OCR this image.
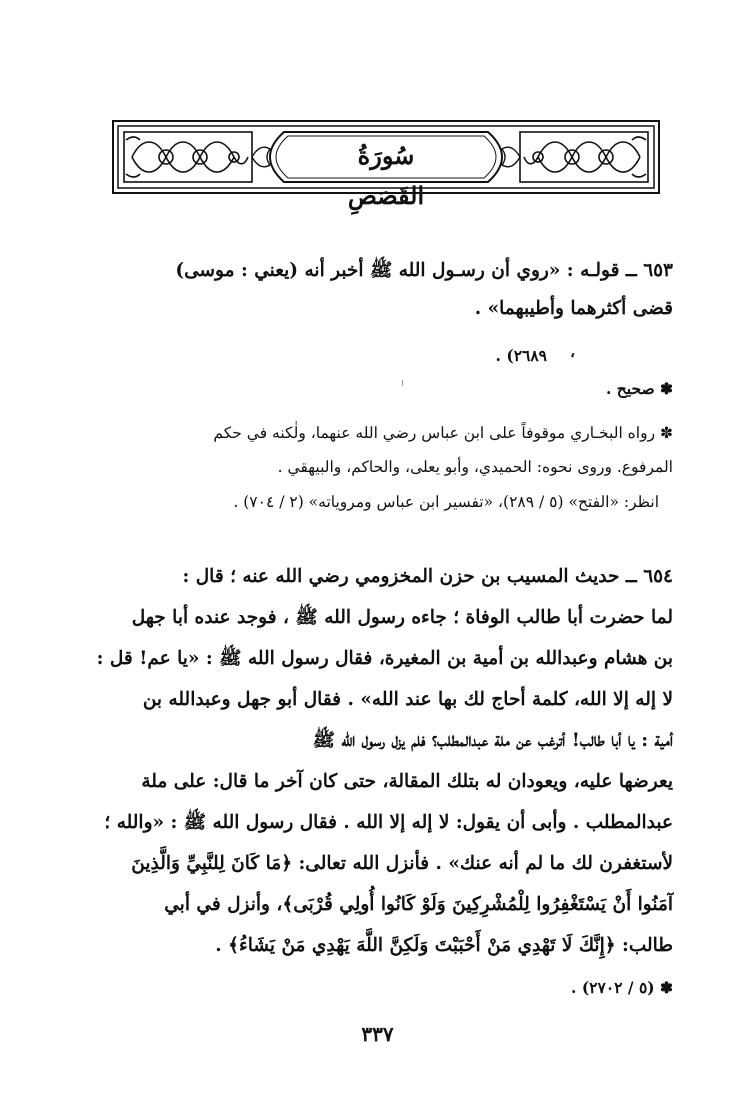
سُورَةُ القَصَصِ
٦٥٣ ــ قولـه : «روي أن رسـول الله ﷺ أخبر أنه (يعني : موسى)
قضى أكثرهما وأطيبهما» .
٢٦٨٩) . ،
✽ صحيح .
✽ رواه البخـاري موقوفاً على ابن عباس رضي الله عنهما، ولٰكنه في حكم
المرفوع. وروى نحوه: الحميدي، وأبو يعلى، والحاكم، والبيهقي .
انظر: «الفتح» (٥ / ٢٨٩)، «تفسير ابن عباس ومروياته» (٢ / ٧٠٤) .
٦٥٤ ــ حديث المسيب بن حزن المخزومي رضي الله عنه ؛ قال :
لما حضرت أبا طالب الوفاة ؛ جاءه رسول الله ﷺ ، فوجد عنده أبا جهل
بن هشام وعبدالله بن أمية بن المغيرة، فقال رسول الله ﷺ : «يا عم! قل :
لا إله إلا الله، كلمة أحاج لك بها عند الله» . فقال أبو جهل وعبدالله بن
أمية : يا أبا طالب! أترغب عن ملة عبدالمطلب؟ فلم يزل رسول الله ﷺ
يعرضها عليه، ويعودان له بتلك المقالة، حتى كان آخر ما قال: على ملة
عبدالمطلب . وأبى أن يقول: لا إله إلا الله . فقال رسول الله ﷺ : «والله ؛
لأستغفرن لك ما لم أنه عنك» . فأنزل الله تعالى: ﴿مَا كَانَ لِلنَّبِيِّ وَالَّذِينَ
آمَنُوا أَنْ يَسْتَغْفِرُوا لِلْمُشْرِكِينَ وَلَوْ كَانُوا أُولِي قُرْبَى﴾، وأنزل في أبي
طالب: ﴿إِنَّكَ لَا تَهْدِي مَنْ أَحْبَبْتَ وَلَكِنَّ اللَّهَ يَهْدِي مَنْ يَشَاءُ﴾ .
✽ (٥ / ٢٧٠٢) .
٣٣٧
